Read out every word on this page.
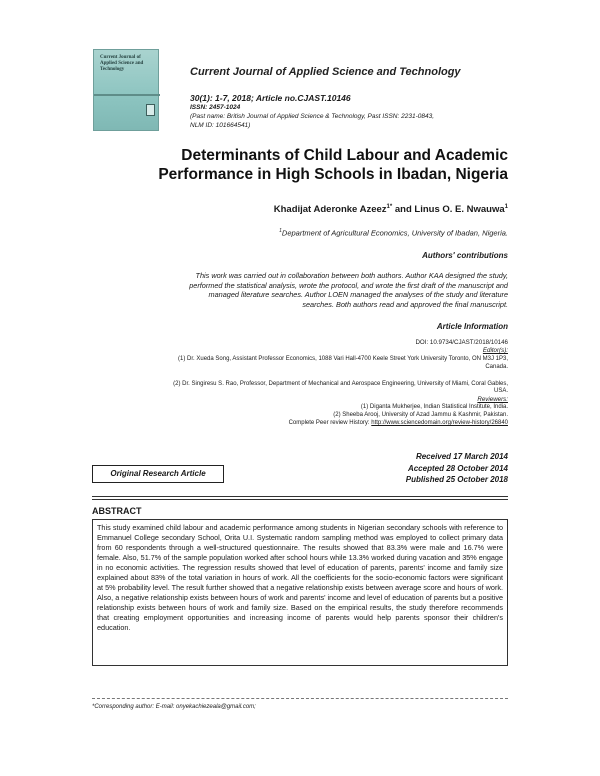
Current Journal of Applied Science and Technology	Current Journal of Applied Science and Technology
30(1): 1-7, 2018; Article no.CJAST.10146
ISSN: 2457-1024
(Past name: British Journal of Applied Science & Technology, Past ISSN: 2231-0843,
NLM ID: 101664541)
Determinants of Child Labour and Academic
Performance in High Schools in Ibadan, Nigeria
Khadijat Aderonke Azeez$^{1*}$ and Linus O. E. Nwauwa$^1$
$^1$Department of Agricultural Economics, University of Ibadan, Nigeria.
Authors' contributions
This work was carried out in collaboration between both authors. Author KAA designed the study,
performed the statistical analysis, wrote the protocol, and wrote the first draft of the manuscript and
managed literature searches. Author LOEN managed the analyses of the study and literature
searches. Both authors read and approved the final manuscript.
Article Information
DOI: 10.9734/CJAST/2018/10146
Editor(s):
(1) Dr. Xueda Song, Assistant Professor Economics, 1088 Vari Hall-4700 Keele Street York University Toronto, ON M3J 1P3,
Canada.
(2) Dr. Singiresu S. Rao, Professor, Department of Mechanical and Aerospace Engineering, University of Miami, Coral Gables,
USA.
Reviewers:
(1) Diganta Mukherjee, Indian Statistical Institute, India.
(2) Sheeba Arooj, University of Azad Jammu & Kashmir, Pakistan.
Complete Peer review History: http://www.sciencedomain.org/review-history/26840
Original Research Article
Received 17 March 2014
Accepted 28 October 2014
Published 25 October 2018
ABSTRACT
This study examined child labour and academic performance among students in Nigerian secondary schools with reference to Emmanuel College secondary School, Orita U.I. Systematic random sampling method was employed to collect primary data from 60 respondents through a well-structured questionnaire. The results showed that 83.3% were male and 16.7% were female. Also, 51.7% of the sample population worked after school hours while 13.3% worked during vacation and 35% engage in no economic activities. The regression results showed that level of education of parents, parents' income and family size explained about 83% of the total variation in hours of work. All the coefficients for the socio-economic factors were significant at 5% probability level. The result further showed that a negative relationship exists between average score and hours of work. Also, a negative relationship exists between hours of work and parents' income and level of education of parents but a positive relationship exists between hours of work and family size. Based on the empirical results, the study therefore recommends that creating employment opportunities and increasing income of parents would help parents sponsor their children's education.
*Corresponding author: E-mail: onyekachiezeala@gmail.com;
